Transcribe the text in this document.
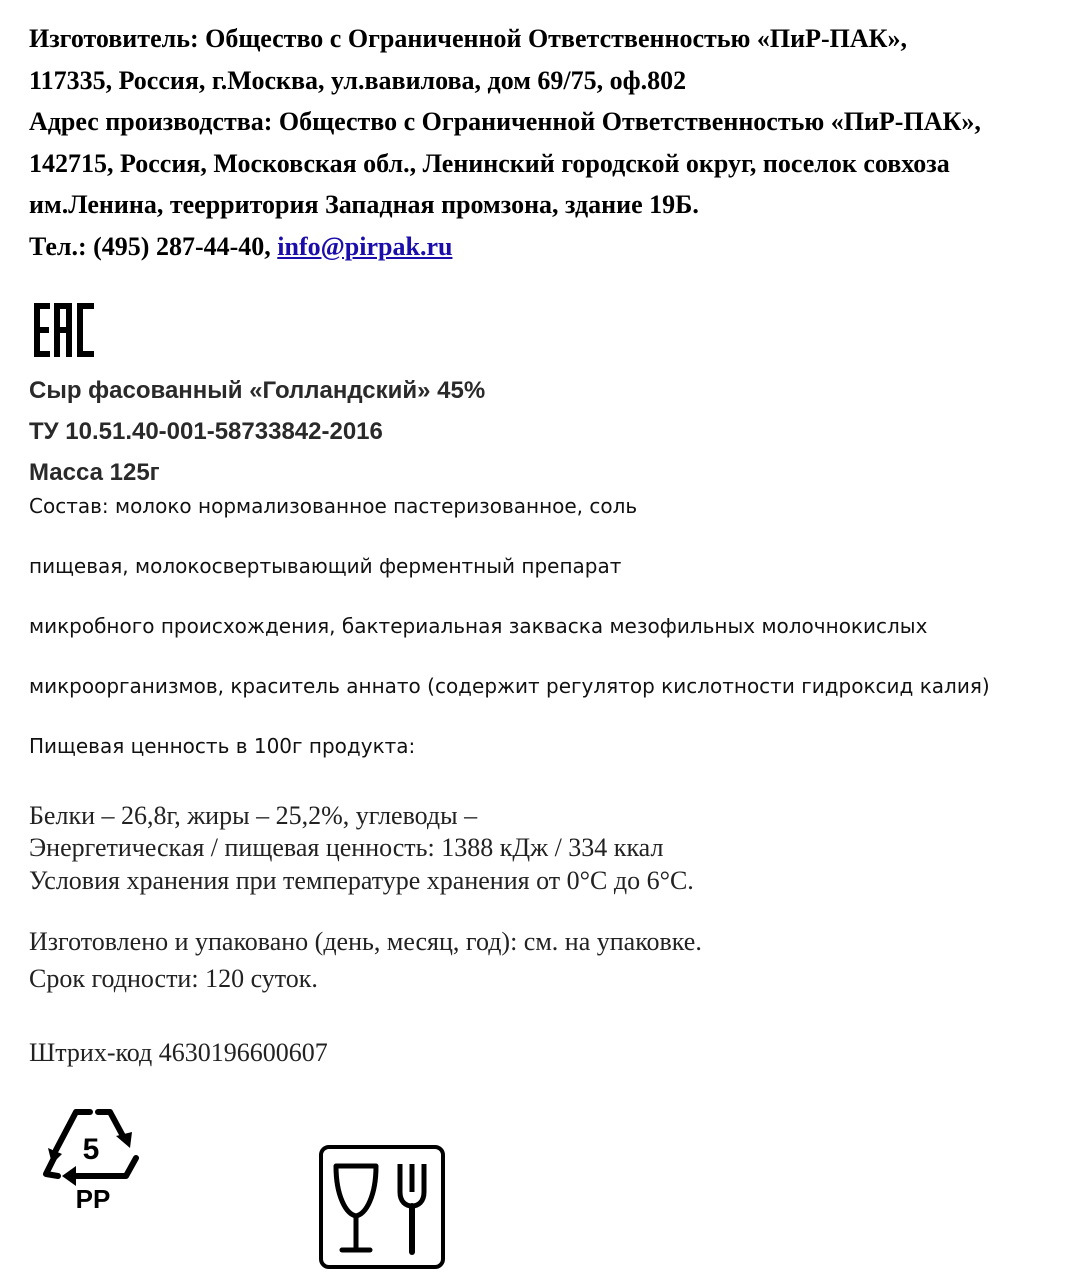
Изготовитель: Общество с Ограниченной Ответственностью «ПиР-ПАК»,
117335, Россия, г.Москва, ул.вавилова, дом 69/75, оф.802
Адрес производства: Общество с Ограниченной Ответственностью «ПиР-ПАК»,
142715, Россия, Московская обл., Ленинский городской округ, поселок совхоза
им.Ленина, теерритория Западная промзона, здание 19Б.
Тел.: (495) 287-44-40, info@pirpak.ru
Сыр фасованный «Голландский» 45%
ТУ 10.51.40-001-58733842-2016
Масса 125г
Состав: молоко нормализованное пастеризованное, соль
пищевая, молокосвертывающий ферментный препарат
микробного происхождения, бактериальная закваска мезофильных молочнокислых
микроорганизмов, краситель аннато (содержит регулятор кислотности гидроксид калия)
Пищевая ценность в 100г продукта:
Белки – 26,8г, жиры – 25,2%, углеводы –
Энергетическая / пищевая ценность: 1388 кДж / 334 ккал
Условия хранения при температуре хранения от 0°С до 6°С.
Изготовлено и упаковано (день, месяц, год): см. на упаковке.
Срок годности: 120 суток.
Штрих-код 4630196600607
5
PP
